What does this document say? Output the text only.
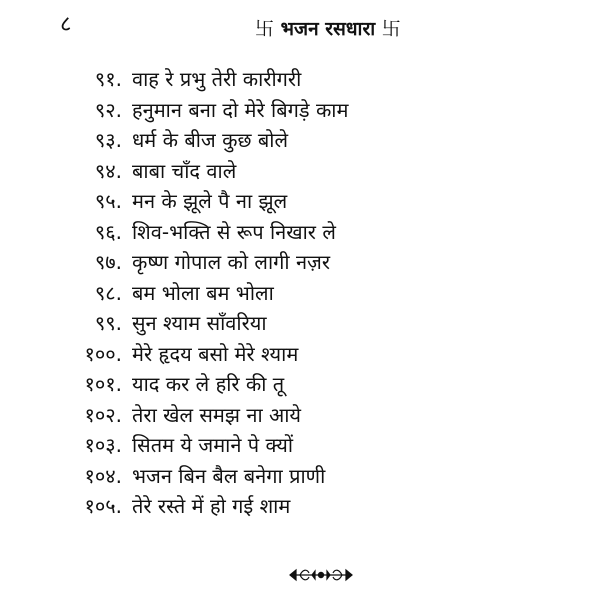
८	卐 भजन रसधारा 卐
९१. वाह रे प्रभु तेरी कारीगरी
९२. हनुमान बना दो मेरे बिगड़े काम
९३. धर्म के बीज कुछ बोले
९४. बाबा चाँद वाले
९५. मन के झूले पै ना झूल
९६. शिव-भक्ति से रूप निखार ले
९७. कृष्ण गोपाल को लागी नज़र
९८. बम भोला बम भोला
९९. सुन श्याम साँवरिया
१००. मेरे हृदय बसो मेरे श्याम
१०१. याद कर ले हरि की तू
१०२. तेरा खेल समझ ना आये
१०३. सितम ये जमाने पे क्यों
१०४. भजन बिन बैल बनेगा प्राणी
१०५. तेरे रस्ते में हो गई शाम
